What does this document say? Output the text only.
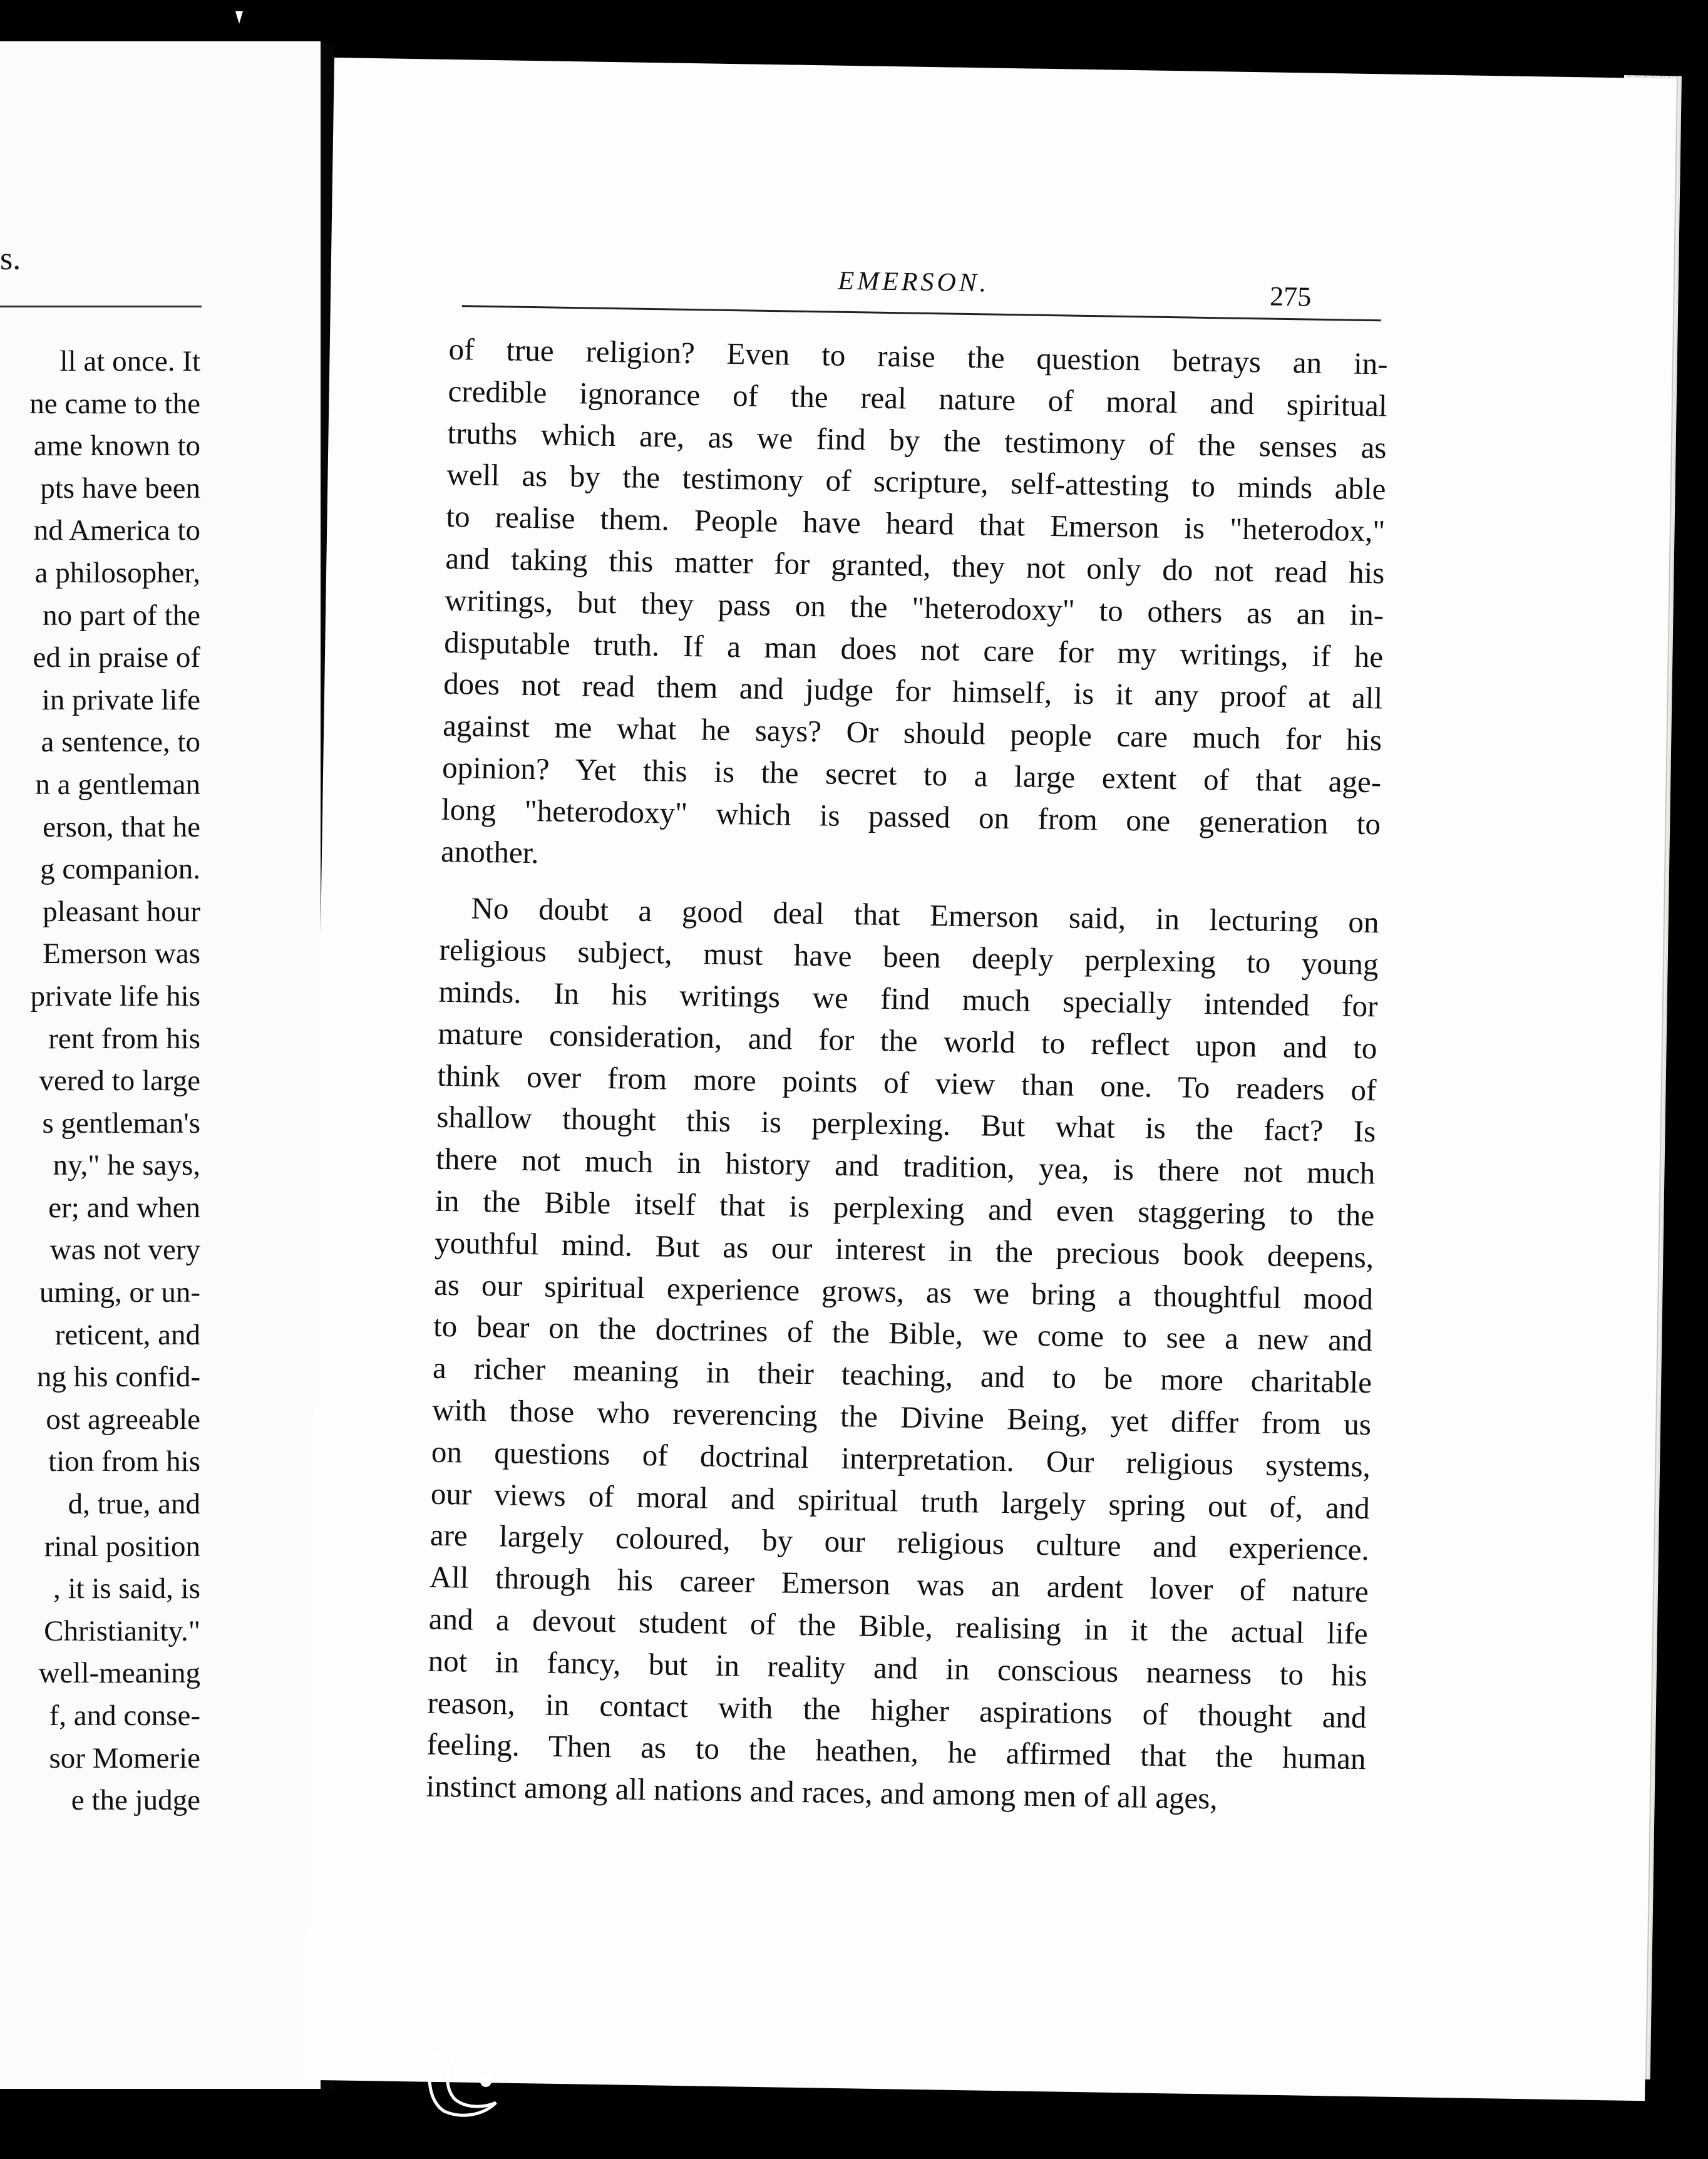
s.
ll at once. It
ne came to the
ame known to
pts have been
nd America to
a philosopher,
no part of the
ed in praise of
in private life
a sentence, to
n a gentleman
erson, that he
g companion.
pleasant hour
Emerson was
private life his
rent from his
vered to large
s gentleman's
ny," he says,
er; and when
was not very
uming, or un-
reticent, and
ng his confid-
ost agreeable
tion from his
d, true, and
rinal position
, it is said, is
Christianity."
well-meaning
f, and conse-
sor Momerie
e the judge
EMERSON.	275
of true religion? Even to raise the question betrays an in-
credible ignorance of the real nature of moral and spiritual
truths which are, as we find by the testimony of the senses as
well as by the testimony of scripture, self-attesting to minds able
to realise them. People have heard that Emerson is "heterodox,"
and taking this matter for granted, they not only do not read his
writings, but they pass on the "heterodoxy" to others as an in-
disputable truth. If a man does not care for my writings, if he
does not read them and judge for himself, is it any proof at all
against me what he says? Or should people care much for his
opinion? Yet this is the secret to a large extent of that age-
long "heterodoxy" which is passed on from one generation to
another.
No doubt a good deal that Emerson said, in lecturing on
religious subject, must have been deeply perplexing to young
minds. In his writings we find much specially intended for
mature consideration, and for the world to reflect upon and to
think over from more points of view than one. To readers of
shallow thought this is perplexing. But what is the fact? Is
there not much in history and tradition, yea, is there not much
in the Bible itself that is perplexing and even staggering to the
youthful mind. But as our interest in the precious book deepens,
as our spiritual experience grows, as we bring a thoughtful mood
to bear on the doctrines of the Bible, we come to see a new and
a richer meaning in their teaching, and to be more charitable
with those who reverencing the Divine Being, yet differ from us
on questions of doctrinal interpretation. Our religious systems,
our views of moral and spiritual truth largely spring out of, and
are largely coloured, by our religious culture and experience.
All through his career Emerson was an ardent lover of nature
and a devout student of the Bible, realising in it the actual life
not in fancy, but in reality and in conscious nearness to his
reason, in contact with the higher aspirations of thought and
feeling. Then as to the heathen, he affirmed that the human
instinct among all nations and races, and among men of all ages,
